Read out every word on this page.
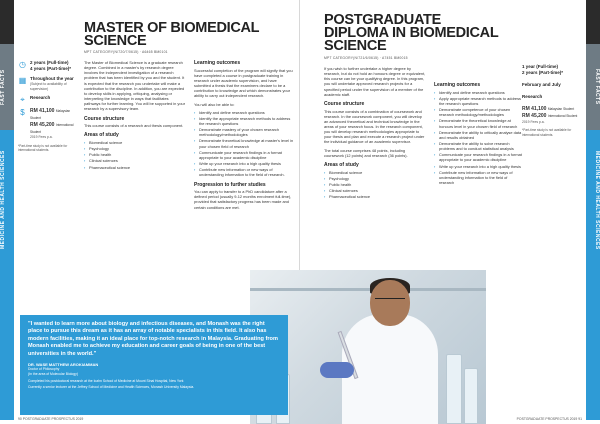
FAST FACTS
MEDICINE AND HEALTH SCIENCES
◷ 2 years (Full-time)
4 years (Part-time)*
▦ Throughout the year
(Subject to availability of supervision)
⌖	Research
$	RM 41,100 Malaysian Student
RM 45,200 International Student
2019 Fees p.a.
*Part-time study is not available for international students.
MASTER OF BIOMEDICAL
SCIENCE
MPT CATEGORY(N/720/7/0615) · A6465 BM0101

The Master of Biomedical Science is a graduate research degree. Combined in a master's by research degree involves the independent investigation of a research problem that has been identified by you and the student. It is expected that the research you undertake will make a contribution to the discipline. In addition, you are expected to develop skills in applying, critiquing, analysing or interpreting the knowledge in ways that facilitates pathways for further learning. You will be supported in your research by a supervisory team.

Course structure

This course consists of a research and thesis component.

Areas of study
› Biomedical science
› Psychology
› Public health
› Clinical sciences
› Pharmaceutical science
Learning outcomes

Successful completion of the program will signify that you have completed a course in postgraduate training in research under academic supervision, and have submitted a thesis that the examiners declare to be a contribution to knowledge and which demonstrates your ability to carry out independent research.

You will also be able to:

› Identify and define research questions
› Identify the appropriate research methods to address the research questions
› Demonstrate mastery of your chosen research methodology/methodologies
› Demonstrate theoretical knowledge at master's level in your chosen field of research
› Communicate your research findings in a format appropriate to your academic discipline
› Write up your research into a high quality thesis
› Contribute new information or new ways of understanding information to the field of research.
Progression to further studies

You can apply to transfer to a PhD candidature after a defined period (usually 9-12 months enrolment full-time), provided that satisfactory progress has been made and certain conditions are met.

90 POSTGRADUATE PROSPECTUS 2019
FAST FACTS
MEDICINE AND HEALTH SCIENCES
POSTGRADUATE
DIPLOMA IN BIOMEDICAL
SCIENCE
MPT CATEGORY(N/721/6/0615) · A7451 BM0015

If you wish to further undertake a higher degree by research, but do not hold an honours degree or equivalent, this course can be your qualifying degree. In this program, you will undertake approved research projects for a specified period under the supervision of a member of the academic staff.

Course structure

This course consists of a combination of coursework and research. In the coursework component, you will develop an advanced theoretical and technical knowledge in the areas of your research focus. In the research component, you will develop research methodologies appropriate to your thesis and plan and execute a research project under the individual guidance of an academic supervisor.

The total course comprises 48 points, including coursework (12 points) and research (36 points).

Areas of study
› Biomedical science
› Psychology
› Public health
› Clinical sciences
› Pharmaceutical science
Learning outcomes
› Identify and define research questions
› Apply appropriate research methods to address the research questions
› Demonstrate competence of your chosen research methodology/methodologies
› Demonstrate the theoretical knowledge at honours level in your chosen field of research
› Demonstrate the ability to critically analyse data and results obtained
› Demonstrate the ability to solve research problems and to conduct statistical analysis
› Communicate your research findings in a format appropriate to your academic discipline
› Write up your research into a high quality thesis
› Contribute new information or new ways of understanding information to the field of research
1 year (Full-time)
2 years (Part-time)*
February and July
Research
RM 41,100 Malaysian Student
RM 45,200 International Student
2019 Fees p.a.
*Part-time study is not available for international students.
POSTGRADUATE PROSPECTUS 2019 91
"I wanted to learn more about biology and infectious diseases, and Monash was the right place to pursue this dream as it has an array of notable specialists in this field. It also has modern facilities, making it an ideal place for top-notch research in Malaysia. Graduating from Monash enabled me to achieve my education and career goals of being in one of the best universities in the world."
DR. WASE MATTHEW AROKIAMMAN
Doctor of Philosophy
(In the area of Molecular Biology)
Completed his postdoctoral research at the Icahn School of Medicine at Mount Sinai Hospital, New York
Currently a senior lecturer at the Jeffrey School of Medicine and Health Sciences, Monash University Malaysia.
